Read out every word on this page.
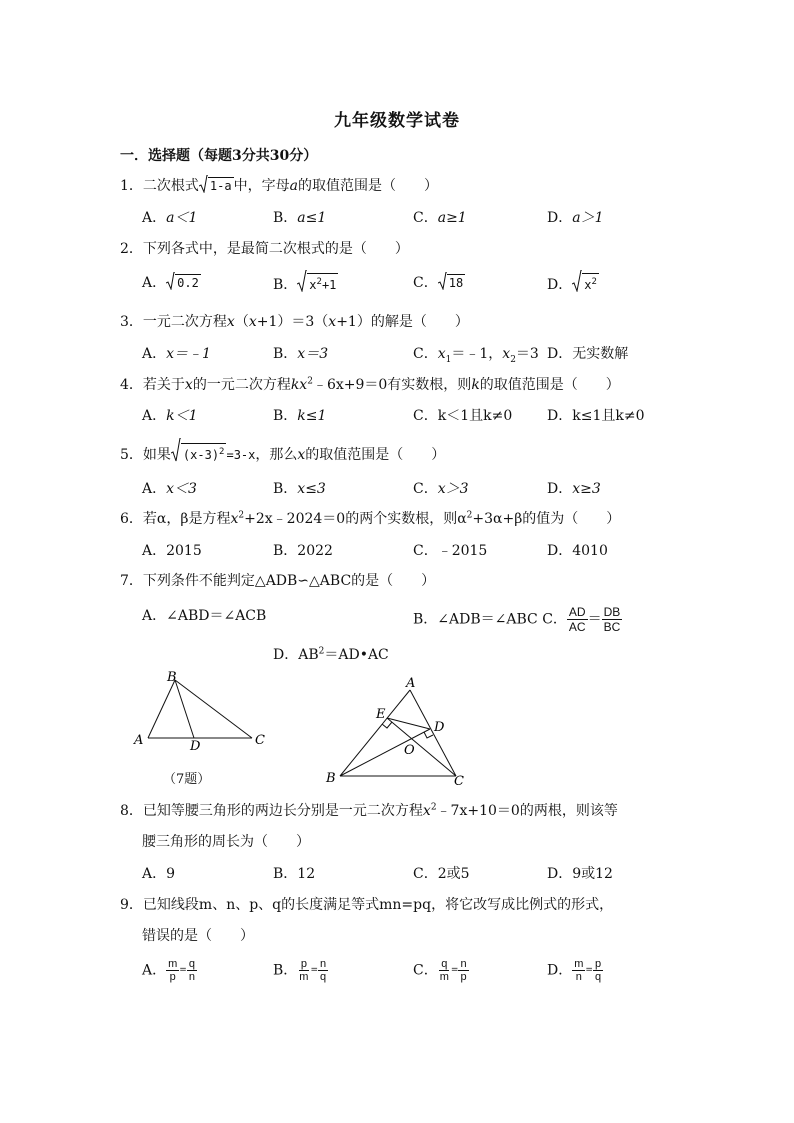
九年级数学试卷
一．选择题（每题3分共30分）
1．二次根式 1-a 中，字母a的取值范围是（　　）
A．a＜1	B．a≤1	C．a≥1	D．a＞1
2．下列各式中，是最简二次根式的是（　　）
A． 0.2	B． $x^2+1$	C． 18	D． $x^2$
3．一元二次方程x（x+1）＝3（x+1）的解是（　　）
A．x＝﹣1	B．x＝3	C．$x_1=﹣1$，$x_2=3$ D．无实数解
4．若关于x的一元二次方程$kx^2﹣6x+9=0$有实数根，则k的取值范围是（　　）
A．k＜1	B．k≤1	C．k＜1且k≠0 D．k≤1且k≠0
5．如果 $(x-3)^2 =3-x$，那么x的取值范围是（　　）
A．x＜3	B．x≤3	C．x＞3	D．x≥3
6．若α，β是方程$x^2+2x﹣2024=0$的两个实数根，则$\alpha^2+3\alpha+\beta$的值为（　　）
A．2015	B．2022	C．﹣2015	D．4010
7．下列条件不能判定△ADB∽△ABC的是（　　）
A．∠ABD＝∠ACB	B．∠ADB＝∠ABC C． $\frac{AD}{AC} = \frac{DB}{BC}$
D．$AB^2=AD•AC$
B
A	D	C
（7题）
A
E
D
O
B	C
8．已知等腰三角形的两边长分别是一元二次方程$x^2﹣7x+10=0$的两根，则该等
腰三角形的周长为（　　）
A．9	B．12	C．2或5	D．9或12
9．已知线段m、n、p、q的长度满足等式mn=pq，将它改写成比例式的形式，
错误的是（　　）
A． $\frac{m}{p} = \frac{q}{n}$	B． $\frac{p}{m} = \frac{n}{q}$	C． $\frac{q}{m} = \frac{n}{p}$	D． $\frac{m}{n} = \frac{p}{q}$
